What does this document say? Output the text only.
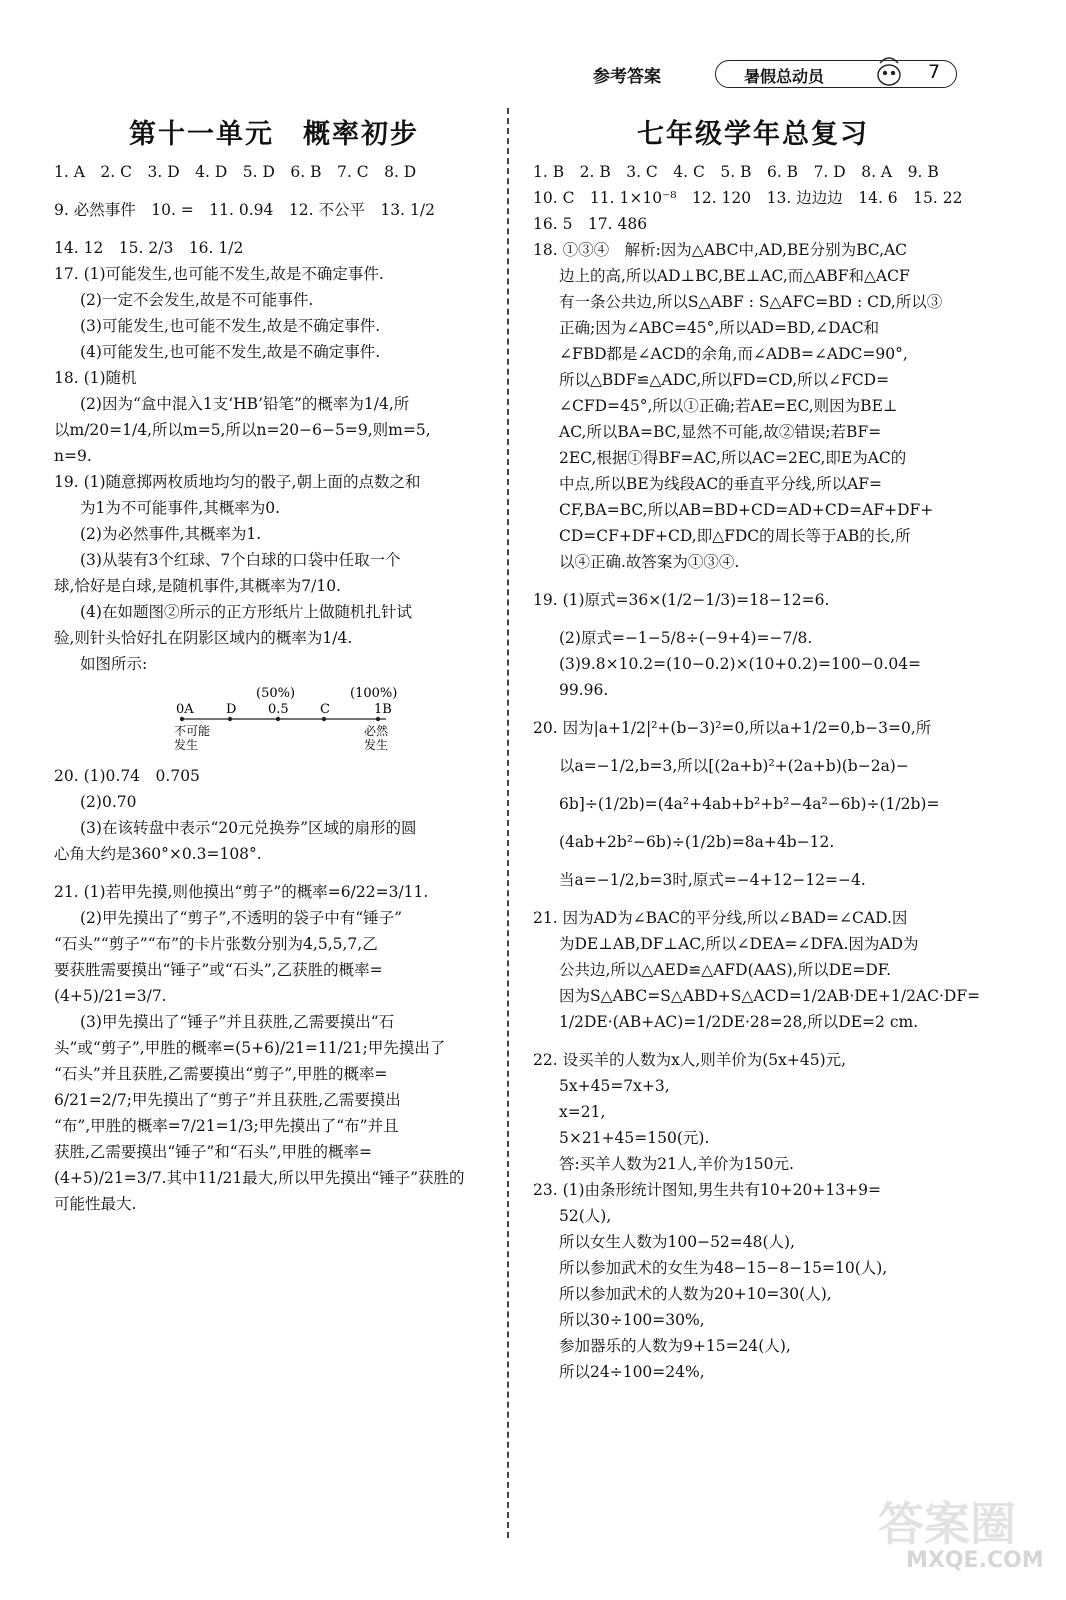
参考答案	暑假总动员	7
第十一单元　概率初步
1. A　2. C　3. D　4. D　5. D　6. B　7. C　8. D
9. 必然事件　10. =　11. 0.94　12. 不公平　13. 1/2
14. 12　15. 2/3　16. 1/2
17. (1)可能发生,也可能不发生,故是不确定事件.
(2)一定不会发生,故是不可能事件.
(3)可能发生,也可能不发生,故是不确定事件.
(4)可能发生,也可能不发生,故是不确定事件.
18. (1)随机
(2)因为“盒中混入1支‘HB’铅笔”的概率为1/4,所
以m/20=1/4,所以m=5,所以n=20−6−5=9,则m=5,
n=9.
19. (1)随意掷两枚质地均匀的骰子,朝上面的点数之和
为1为不可能事件,其概率为0.
(2)为必然事件,其概率为1.
(3)从装有3个红球、7个白球的口袋中任取一个
球,恰好是白球,是随机事件,其概率为7/10.
(4)在如题图②所示的正方形纸片上做随机扎针试
验,则针头恰好扎在阴影区域内的概率为1/4.
如图所示:
(50%)	(100%)
0A D 0.5 C	1B
不可能
发生
必然
发生
20. (1)0.74　0.705
(2)0.70
(3)在该转盘中表示“20元兑换券”区域的扇形的圆
心角大约是360°×0.3=108°.
21. (1)若甲先摸,则他摸出“剪子”的概率=6/22=3/11.
(2)甲先摸出了“剪子”,不透明的袋子中有“锤子”
“石头”“剪子”“布”的卡片张数分别为4,5,5,7,乙
要获胜需要摸出“锤子”或“石头”,乙获胜的概率=
(4+5)/21=3/7.
(3)甲先摸出了“锤子”并且获胜,乙需要摸出“石
头”或“剪子”,甲胜的概率=(5+6)/21=11/21;甲先摸出了
“石头”并且获胜,乙需要摸出“剪子”,甲胜的概率=
6/21=2/7;甲先摸出了“剪子”并且获胜,乙需要摸出
“布”,甲胜的概率=7/21=1/3;甲先摸出了“布”并且
获胜,乙需要摸出“锤子”和“石头”,甲胜的概率=
(4+5)/21=3/7.其中11/21最大,所以甲先摸出“锤子”获胜的
可能性最大.
七年级学年总复习
1. B　2. B　3. C　4. C　5. B　6. B　7. D　8. A　9. B
10. C　11. 1×10⁻⁸　12. 120　13. 边边边　14. 6　15. 22
16. 5　17. 486
18. ①③④　解析:因为△ABC中,AD,BE分别为BC,AC
边上的高,所以AD⊥BC,BE⊥AC,而△ABF和△ACF
有一条公共边,所以S△ABF : S△AFC=BD : CD,所以③
正确;因为∠ABC=45°,所以AD=BD,∠DAC和
∠FBD都是∠ACD的余角,而∠ADB=∠ADC=90°,
所以△BDF≌△ADC,所以FD=CD,所以∠FCD=
∠CFD=45°,所以①正确;若AE=EC,则因为BE⊥
AC,所以BA=BC,显然不可能,故②错误;若BF=
2EC,根据①得BF=AC,所以AC=2EC,即E为AC的
中点,所以BE为线段AC的垂直平分线,所以AF=
CF,BA=BC,所以AB=BD+CD=AD+CD=AF+DF+
CD=CF+DF+CD,即△FDC的周长等于AB的长,所
以④正确.故答案为①③④.
19. (1)原式=36×(1/2−1/3)=18−12=6.
(2)原式=−1−5/8÷(−9+4)=−7/8.
(3)9.8×10.2=(10−0.2)×(10+0.2)=100−0.04=
99.96.
20. 因为|a+1/2|²+(b−3)²=0,所以a+1/2=0,b−3=0,所
以a=−1/2,b=3,所以[(2a+b)²+(2a+b)(b−2a)−
6b]÷(1/2b)=(4a²+4ab+b²+b²−4a²−6b)÷(1/2b)=
(4ab+2b²−6b)÷(1/2b)=8a+4b−12.
当a=−1/2,b=3时,原式=−4+12−12=−4.
21. 因为AD为∠BAC的平分线,所以∠BAD=∠CAD.因
为DE⊥AB,DF⊥AC,所以∠DEA=∠DFA.因为AD为
公共边,所以△AED≌△AFD(AAS),所以DE=DF.
因为S△ABC=S△ABD+S△ACD=1/2AB·DE+1/2AC·DF=
1/2DE·(AB+AC)=1/2DE·28=28,所以DE=2 cm.
22. 设买羊的人数为x人,则羊价为(5x+45)元,
5x+45=7x+3,
x=21,
5×21+45=150(元).
答:买羊人数为21人,羊价为150元.
23. (1)由条形统计图知,男生共有10+20+13+9=
52(人),
所以女生人数为100−52=48(人),
所以参加武术的女生为48−15−8−15=10(人),
所以参加武术的人数为20+10=30(人),
所以30÷100=30%,
参加器乐的人数为9+15=24(人),
所以24÷100=24%,
答案圈
MXQE.COM
